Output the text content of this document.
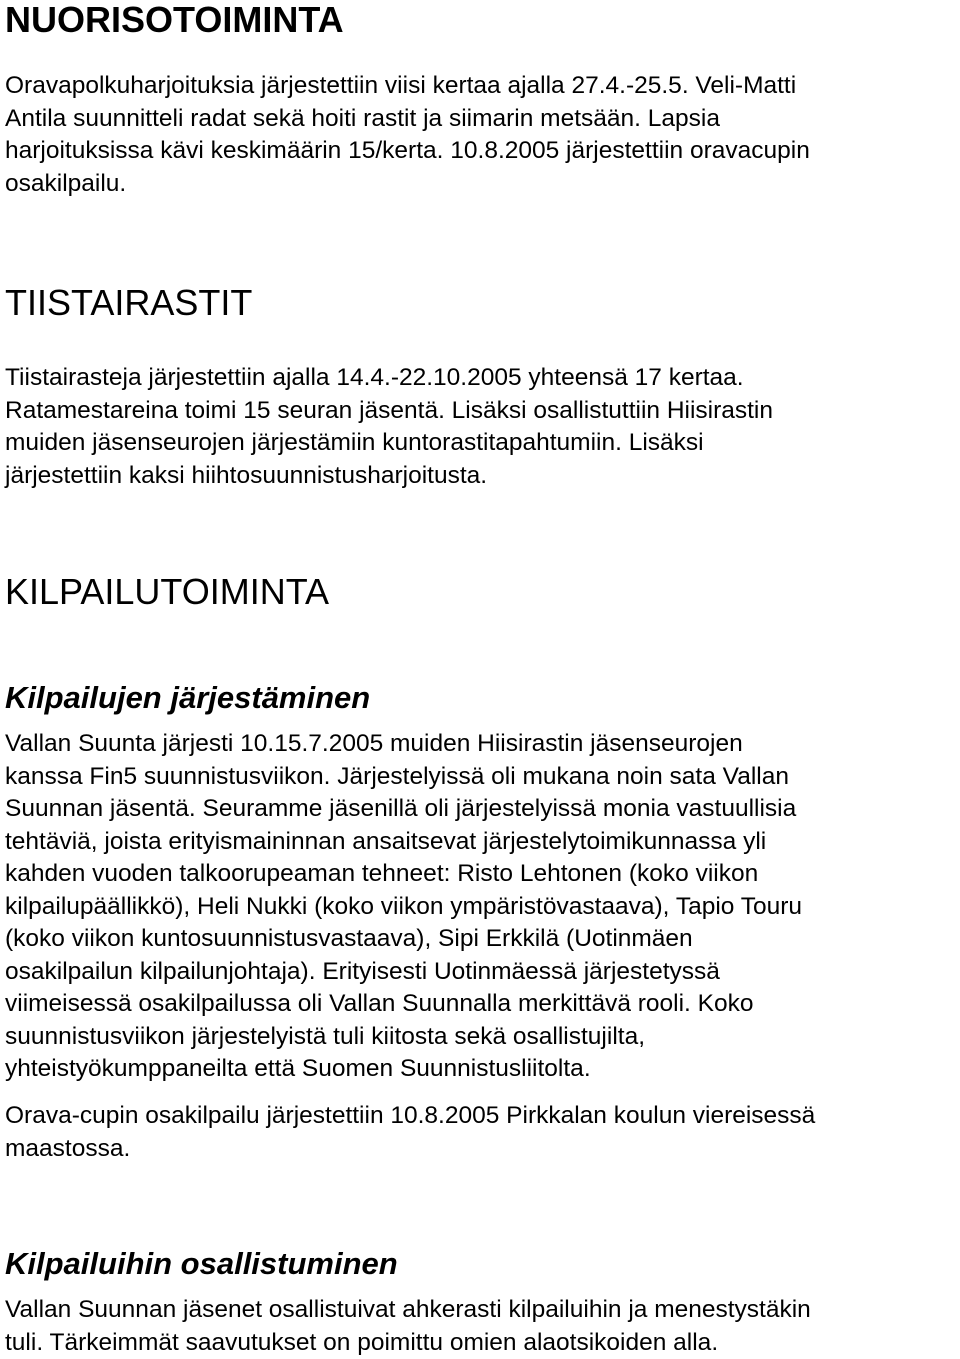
NUORISOTOIMINTA
Oravapolkuharjoituksia järjestettiin viisi kertaa ajalla 27.4.-25.5. Veli-Matti
Antila suunnitteli radat sekä hoiti rastit ja siimarin metsään. Lapsia
harjoituksissa kävi keskimäärin 15/kerta. 10.8.2005 järjestettiin oravacupin
osakilpailu.
TIISTAIRASTIT
Tiistairasteja järjestettiin ajalla 14.4.-22.10.2005 yhteensä 17 kertaa.
Ratamestareina toimi 15 seuran jäsentä. Lisäksi osallistuttiin Hiisirastin
muiden jäsenseurojen järjestämiin kuntorastitapahtumiin. Lisäksi
järjestettiin kaksi hiihtosuunnistusharjoitusta.
KILPAILUTOIMINTA
Kilpailujen järjestäminen
Vallan Suunta järjesti 10.15.7.2005 muiden Hiisirastin jäsenseurojen
kanssa Fin5 suunnistusviikon. Järjestelyissä oli mukana noin sata Vallan
Suunnan jäsentä. Seuramme jäsenillä oli järjestelyissä monia vastuullisia
tehtäviä, joista erityismaininnan ansaitsevat järjestelytoimikunnassa yli
kahden vuoden talkoorupeaman tehneet: Risto Lehtonen (koko viikon
kilpailupäällikkö), Heli Nukki (koko viikon ympäristövastaava), Tapio Touru
(koko viikon kuntosuunnistusvastaava), Sipi Erkkilä (Uotinmäen
osakilpailun kilpailunjohtaja). Erityisesti Uotinmäessä järjestetyssä
viimeisessä osakilpailussa oli Vallan Suunnalla merkittävä rooli. Koko
suunnistusviikon järjestelyistä tuli kiitosta sekä osallistujilta,
yhteistyökumppaneilta että Suomen Suunnistusliitolta.
Orava-cupin osakilpailu järjestettiin 10.8.2005 Pirkkalan koulun viereisessä
maastossa.
Kilpailuihin osallistuminen
Vallan Suunnan jäsenet osallistuivat ahkerasti kilpailuihin ja menestystäkin
tuli. Tärkeimmät saavutukset on poimittu omien alaotsikoiden alla.
